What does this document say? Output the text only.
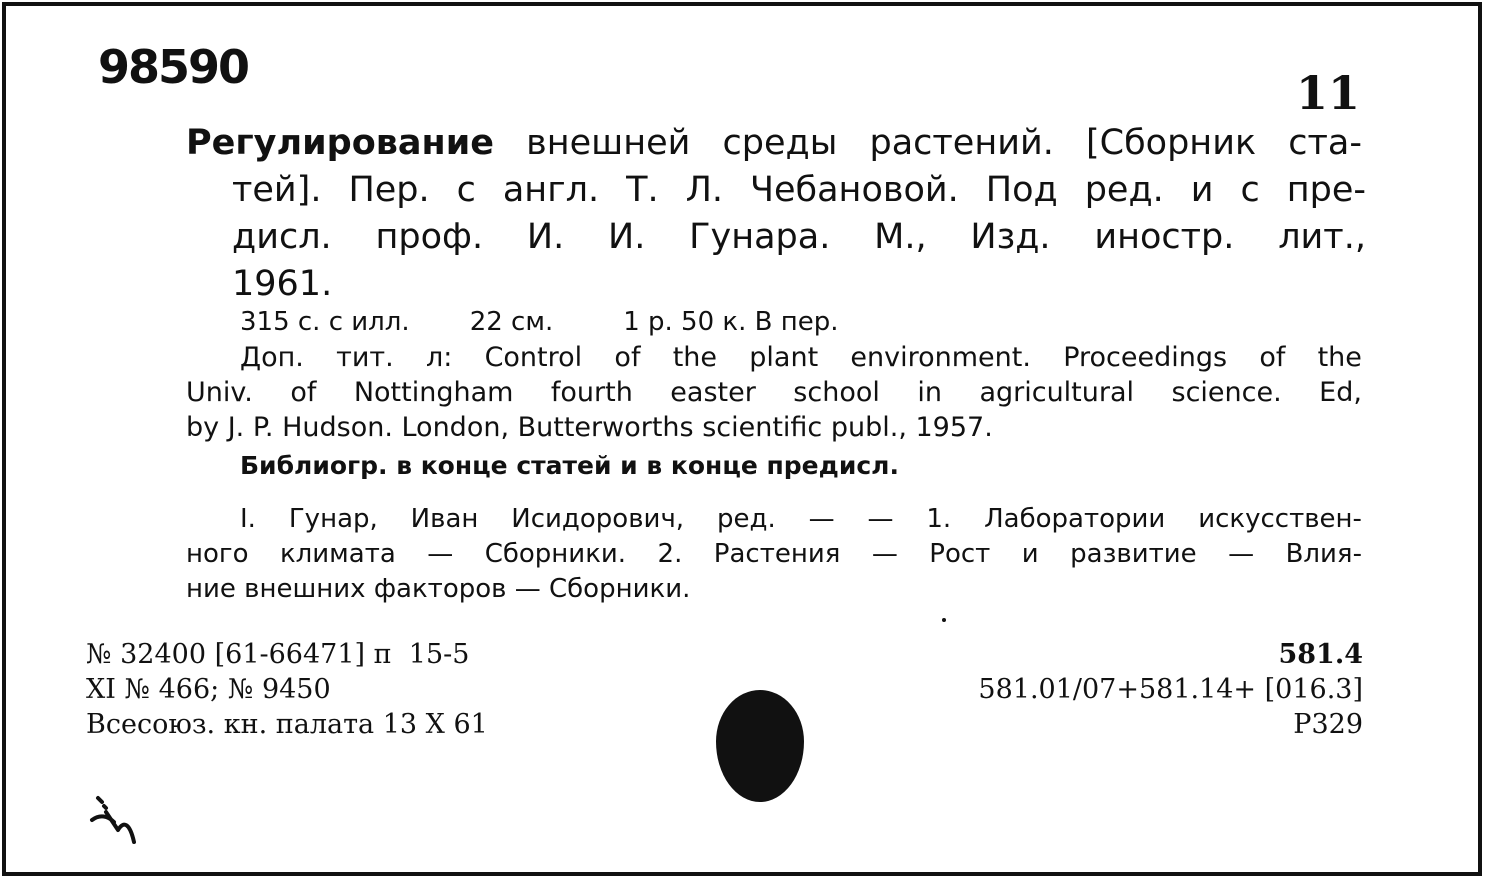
98590	11
Регулирование внешней среды растений. [Сборник ста-
тей]. Пер. с англ. Т. Л. Чебановой. Под ред. и с пре-
дисл. проф. И. И. Гунара. М., Изд. иностр. лит.,
1961.
315 с. с илл. 22 см.	1 р. 50 к. В пер.
Доп. тит. л: Control of the plant environment. Proceedings of the
Univ. of Nottingham fourth easter school in agricultural science. Ed,
by J. P. Hudson. London, Butterworths scientific publ., 1957.
Библиогр. в конце статей и в конце предисл.
I. Гунар, Иван Исидорович, ред. — — 1. Лаборатории искусствен-
ного климата — Сборники. 2. Растения — Рост и развитие — Влия-
ние внешних факторов — Сборники.
№ 32400 [61-66471] п  15-5
XI № 466; № 9450
Всесоюз. кн. палата 13 X 61
581.4
581.01/07+581.14+ [016.3]
Р329
